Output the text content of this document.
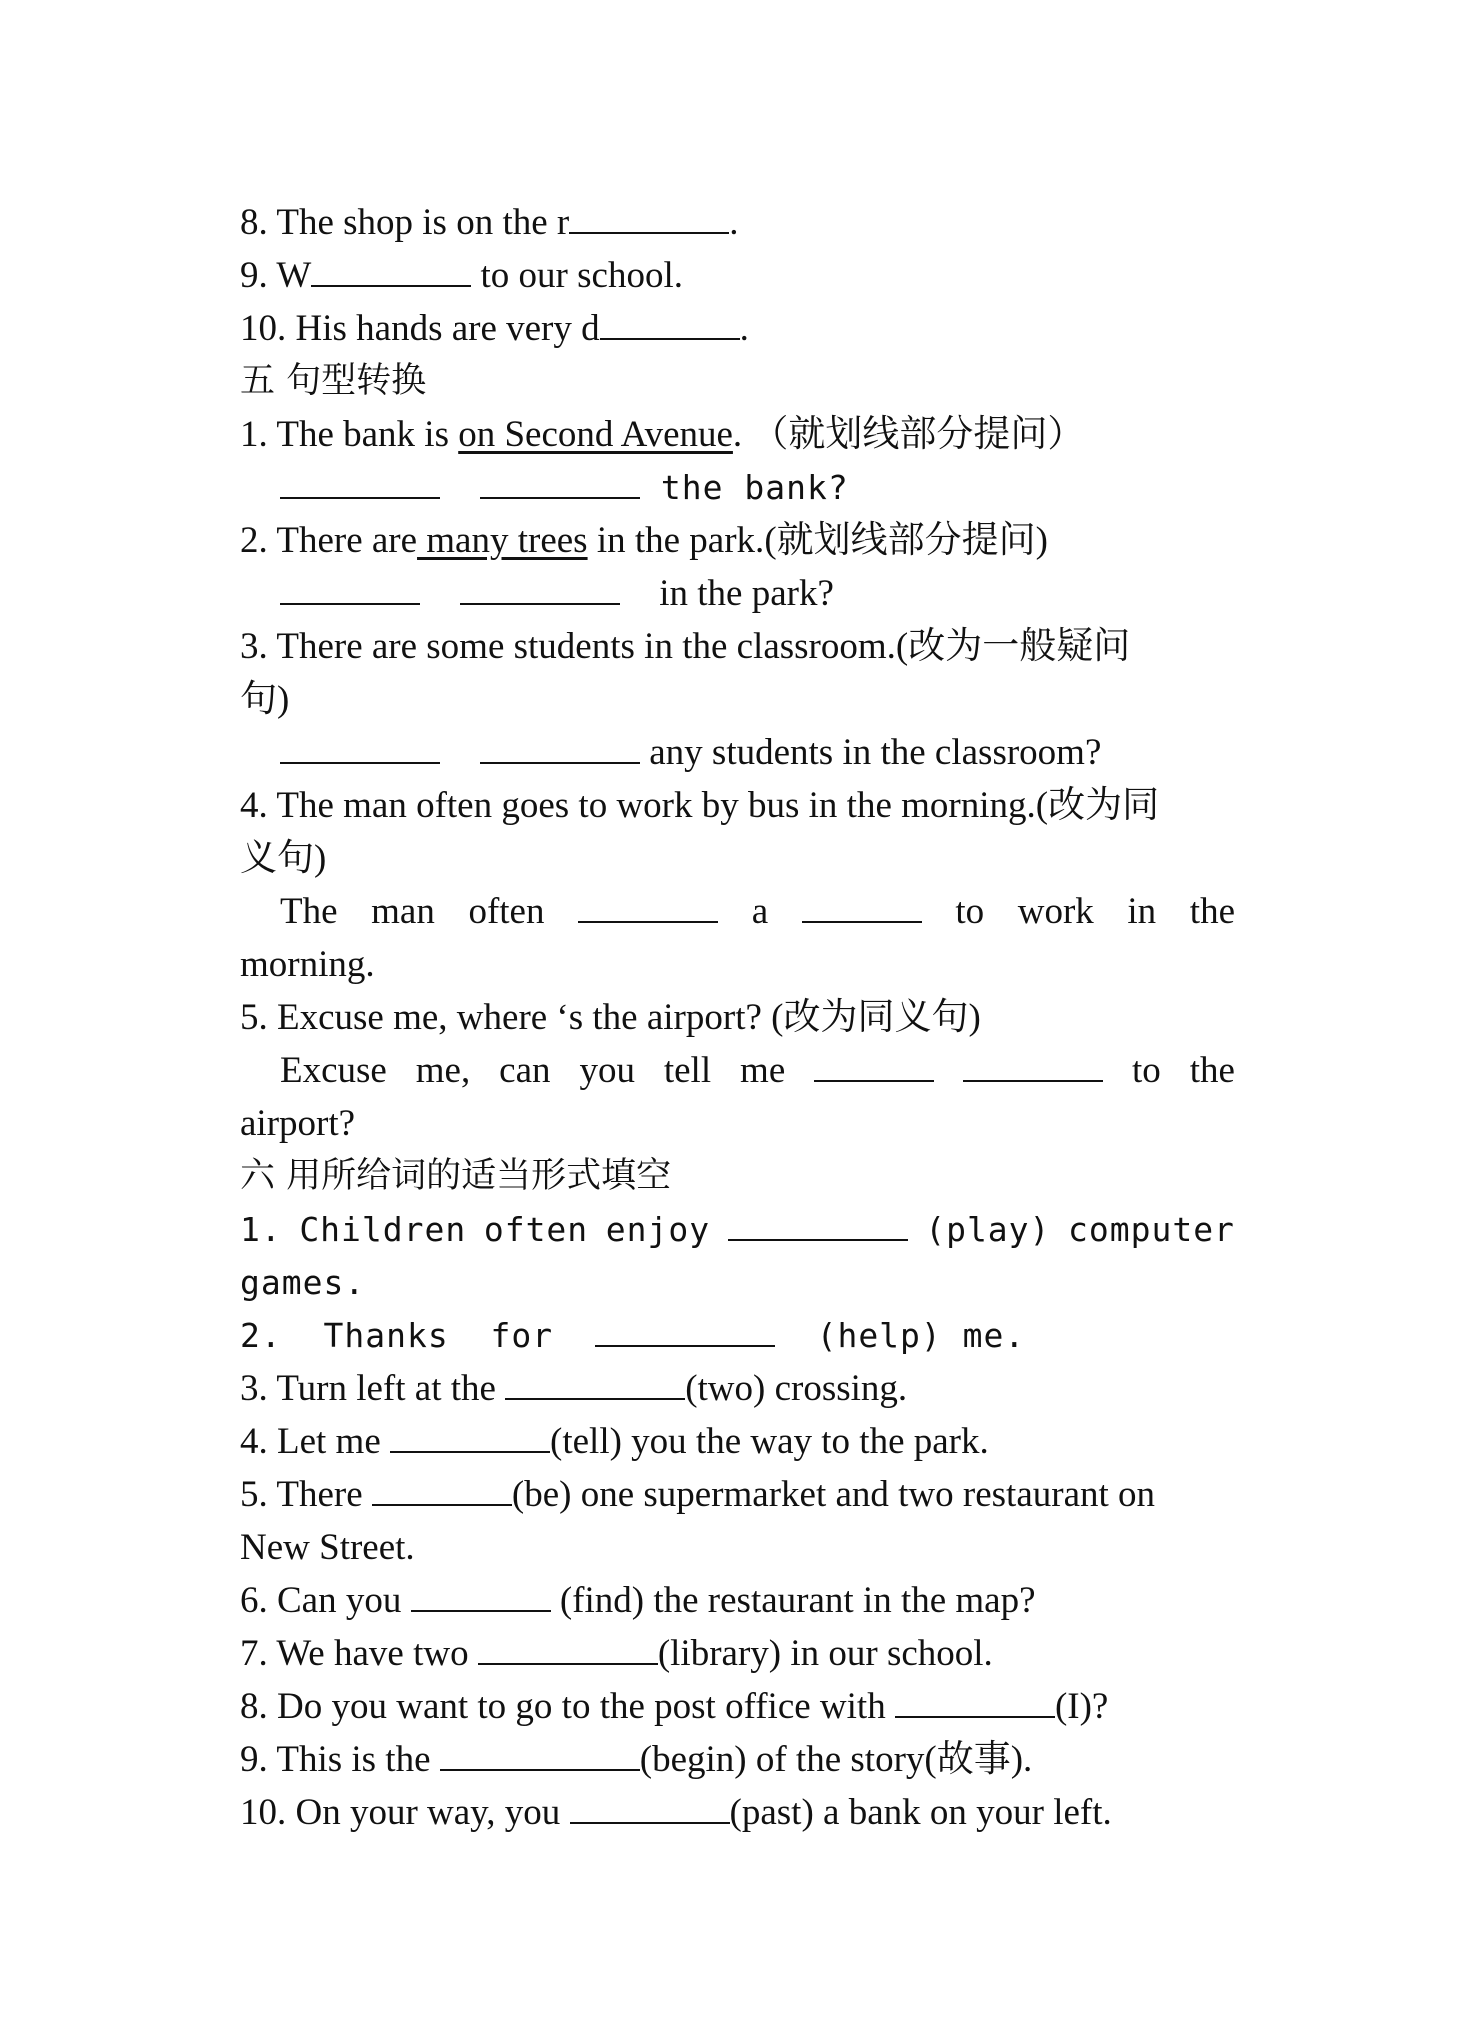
8. The shop is on the r	.
9. W	to our school.
10. His hands are very d	.
五 句型转换
1. The bank is on Second Avenue. （就划线部分提问）
the bank?
2. There are many trees in the park.(就划线部分提问)
in the park?
3. There are some students in the classroom.(改为一般疑问
句)
any students in the classroom?
4. The man often goes to work by bus in the morning.(改为同
义句)
The man often	a	to work in the
morning.
5. Excuse me, where ‘s the airport? (改为同义句)
Excuse me, can you tell me	to the
airport?
六 用所给词的适当形式填空
1. Children often enjoy	(play) computer
games.
2. Thanks for	(help) me.
3. Turn left at the	(two) crossing.
4. Let me	(tell) you the way to the park.
5. There	(be) one supermarket and two restaurant on
New Street.
6. Can you	(find) the restaurant in the map?
7. We have two	(library) in our school.
8. Do you want to go to the post office with	(I)?
9. This is the	(begin) of the story(故事).
10. On your way, you	(past) a bank on your left.
